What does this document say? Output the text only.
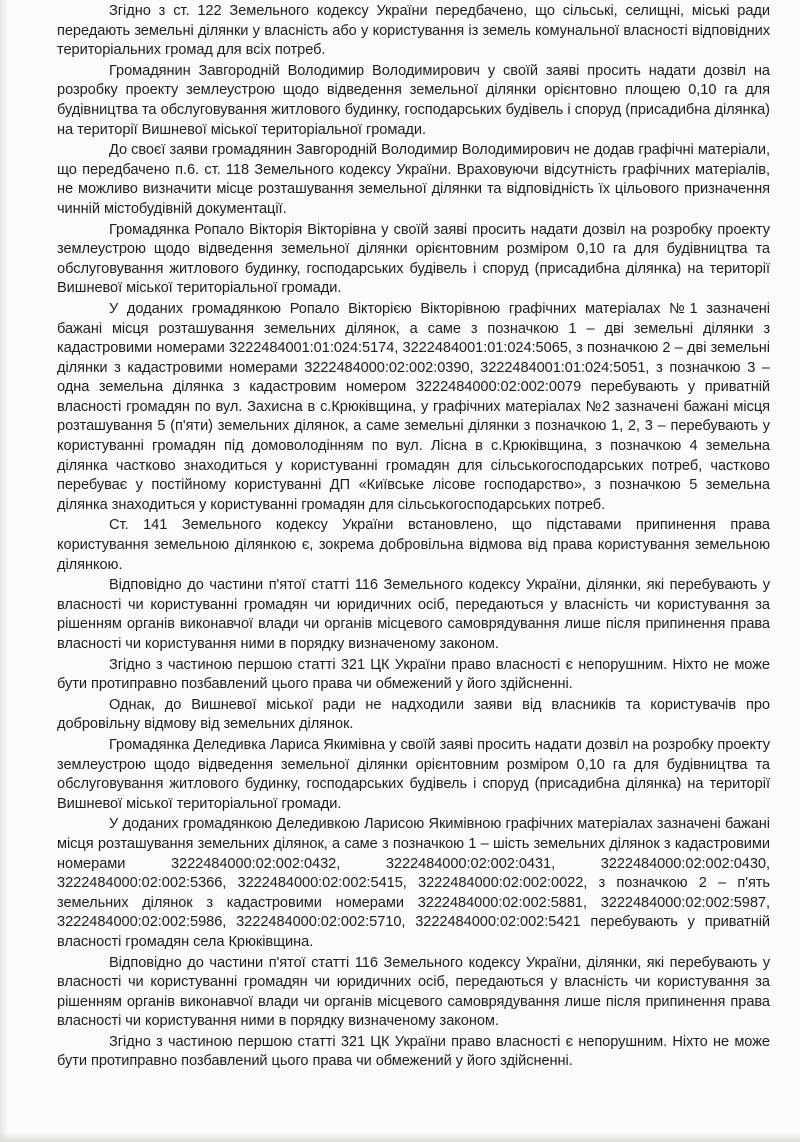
Згідно з ст. 122 Земельного кодексу України передбачено, що сільські, селищні, міські ради передають земельні ділянки у власність або у користування із земель комунальної власності відповідних територіальних громад для всіх потреб.

Громадянин Завгородній Володимир Володимирович у своїй заяві просить надати дозвіл на розробку проекту землеустрою щодо відведення земельної ділянки орієнтовно площею 0,10 га для будівництва та обслуговування житлового будинку, господарських будівель і споруд (присадибна ділянка) на території Вишневої міської територіальної громади.

До своєї заяви громадянин Завгородній Володимир Володимирович не додав графічні матеріали, що передбачено п.6. ст. 118 Земельного кодексу України. Враховуючи відсутність графічних матеріалів, не можливо визначити місце розташування земельної ділянки та відповідність їх цільового призначення чинній містобудівній документації.

Громадянка Ропало Вікторія Вікторівна у своїй заяві просить надати дозвіл на розробку проекту землеустрою щодо відведення земельної ділянки орієнтовним розміром 0,10 га для будівництва та обслуговування житлового будинку, господарських будівель і споруд (присадибна ділянка) на території Вишневої міської територіальної громади.

У доданих громадянкою Ропало Вікторією Вікторівною графічних матеріалах №1 зазначені бажані місця розташування земельних ділянок, а саме з позначкою 1 – дві земельні ділянки з кадастровими номерами 3222484001:01:024:5174, 3222484001:01:024:5065, з позначкою 2 – дві земельні ділянки з кадастровими номерами 3222484000:02:002:0390, 3222484001:01:024:5051, з позначкою 3 – одна земельна ділянка з кадастровим номером 3222484000:02:002:0079 перебувають у приватній власності громадян по вул. Захисна в с.Крюківщина, у графічних матеріалах №2 зазначені бажані місця розташування 5 (п'яти) земельних ділянок, а саме земельні ділянки з позначкою 1, 2, 3 – перебувають у користуванні громадян під домоволодінням по вул. Лісна в с.Крюківщина, з позначкою 4 земельна ділянка частково знаходиться у користуванні громадян для сільськогосподарських потреб, частково перебуває у постійному користуванні ДП «Київське лісове господарство», з позначкою 5 земельна ділянка знаходиться у користуванні громадян для сільськогосподарських потреб.

Ст. 141 Земельного кодексу України встановлено, що підставами припинення права користування земельною ділянкою є, зокрема добровільна відмова від права користування земельною ділянкою.

Відповідно до частини п'ятої статті 116 Земельного кодексу України, ділянки, які перебувають у власності чи користуванні громадян чи юридичних осіб, передаються у власність чи користування за рішенням органів виконавчої влади чи органів місцевого самоврядування лише після припинення права власності чи користування ними в порядку визначеному законом.

Згідно з частиною першою статті 321 ЦК України право власності є непорушним. Ніхто не може бути протиправно позбавлений цього права чи обмежений у його здійсненні.

Однак, до Вишневої міської ради не надходили заяви від власників та користувачів про добровільну відмову від земельних ділянок.

Громадянка Деледивка Лариса Якимівна у своїй заяві просить надати дозвіл на розробку проекту землеустрою щодо відведення земельної ділянки орієнтовним розміром 0,10 га для будівництва та обслуговування житлового будинку, господарських будівель і споруд (присадибна ділянка) на території Вишневої міської територіальної громади.

У доданих громадянкою Деледивкою Ларисою Якимівною графічних матеріалах зазначені бажані місця розташування земельних ділянок, а саме з позначкою 1 – шість земельних ділянок з кадастровими номерами 3222484000:02:002:0432, 3222484000:02:002:0431, 3222484000:02:002:0430, 3222484000:02:002:5366, 3222484000:02:002:5415, 3222484000:02:002:0022, з позначкою 2 – п'ять земельних ділянок з кадастровими номерами 3222484000:02:002:5881, 3222484000:02:002:5987, 3222484000:02:002:5986, 3222484000:02:002:5710, 3222484000:02:002:5421 перебувають у приватній власності громадян села Крюківщина.

Відповідно до частини п'ятої статті 116 Земельного кодексу України, ділянки, які перебувають у власності чи користуванні громадян чи юридичних осіб, передаються у власність чи користування за рішенням органів виконавчої влади чи органів місцевого самоврядування лише після припинення права власності чи користування ними в порядку визначеному законом.

Згідно з частиною першою статті 321 ЦК України право власності є непорушним. Ніхто не може бути протиправно позбавлений цього права чи обмежений у його здійсненні.
